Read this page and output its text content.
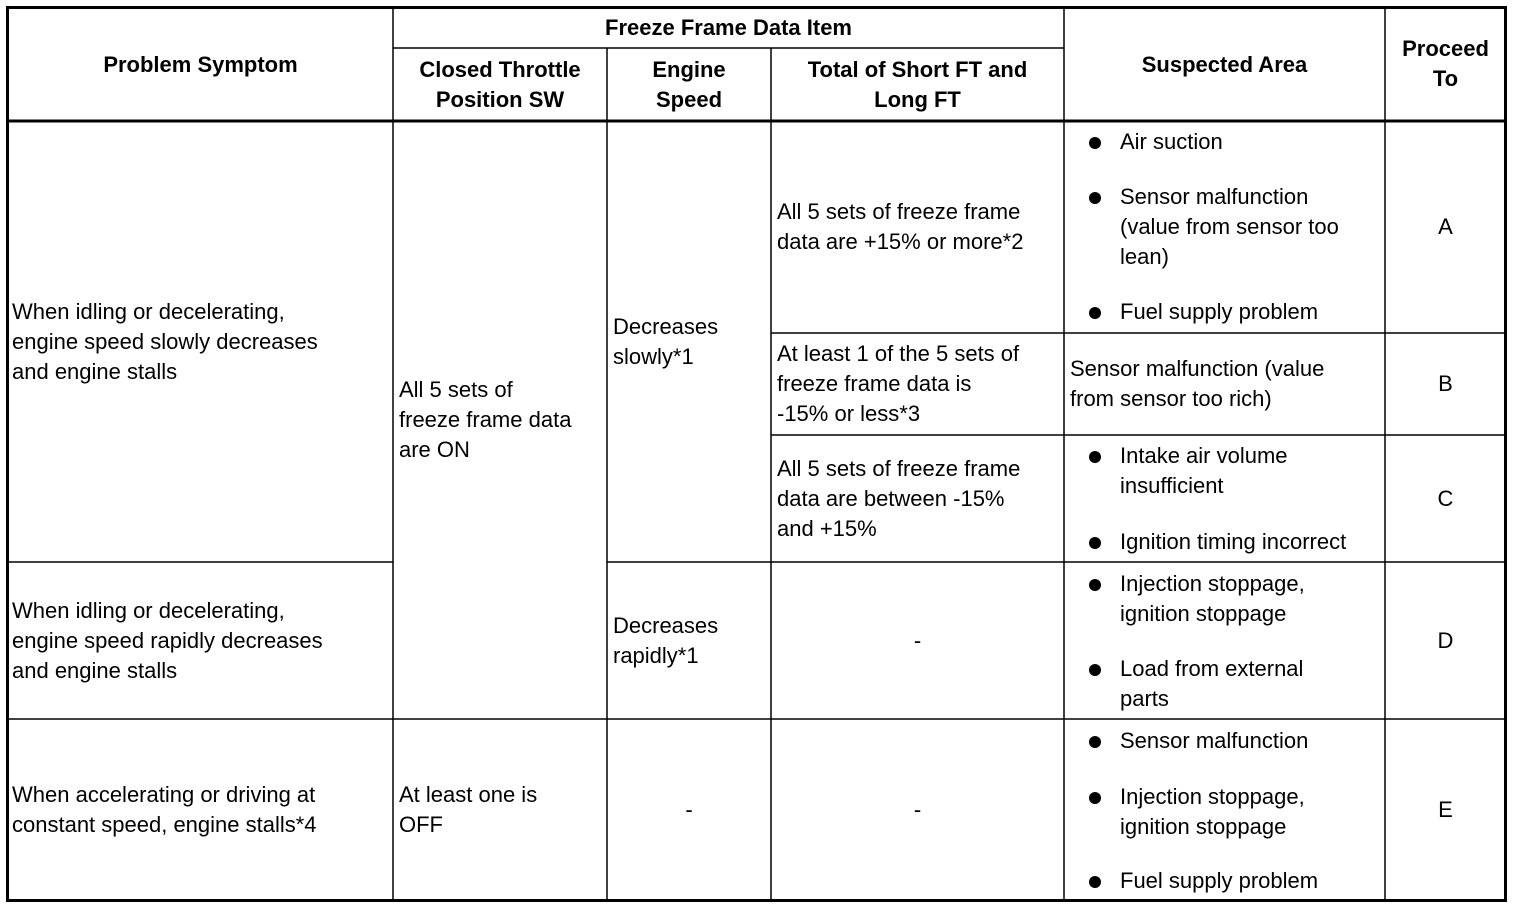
Problem Symptom
Freeze Frame Data Item
Closed Throttle
Position SW
Engine
Speed
Total of Short FT and
Long FT
Suspected Area
Proceed
To
When idling or decelerating,
engine speed slowly decreases
and engine stalls
When idling or decelerating,
engine speed rapidly decreases
and engine stalls
When accelerating or driving at
constant speed, engine stalls*4
All 5 sets of
freeze frame data
are ON
At least one is
OFF
Decreases
slowly*1
Decreases
rapidly*1
-
All 5 sets of freeze frame
data are +15% or more*2
At least 1 of the 5 sets of
freeze frame data is
-15% or less*3
All 5 sets of freeze frame
data are between -15%
and +15%
-
-
Air suction
Sensor malfunction
(value from sensor too
lean)
Fuel supply problem
Sensor malfunction (value
from sensor too rich)
Intake air volume
insufficient
Ignition timing incorrect
Injection stoppage,
ignition stoppage
Load from external
parts
Sensor malfunction
Injection stoppage,
ignition stoppage
Fuel supply problem
A
B
C
D
E
